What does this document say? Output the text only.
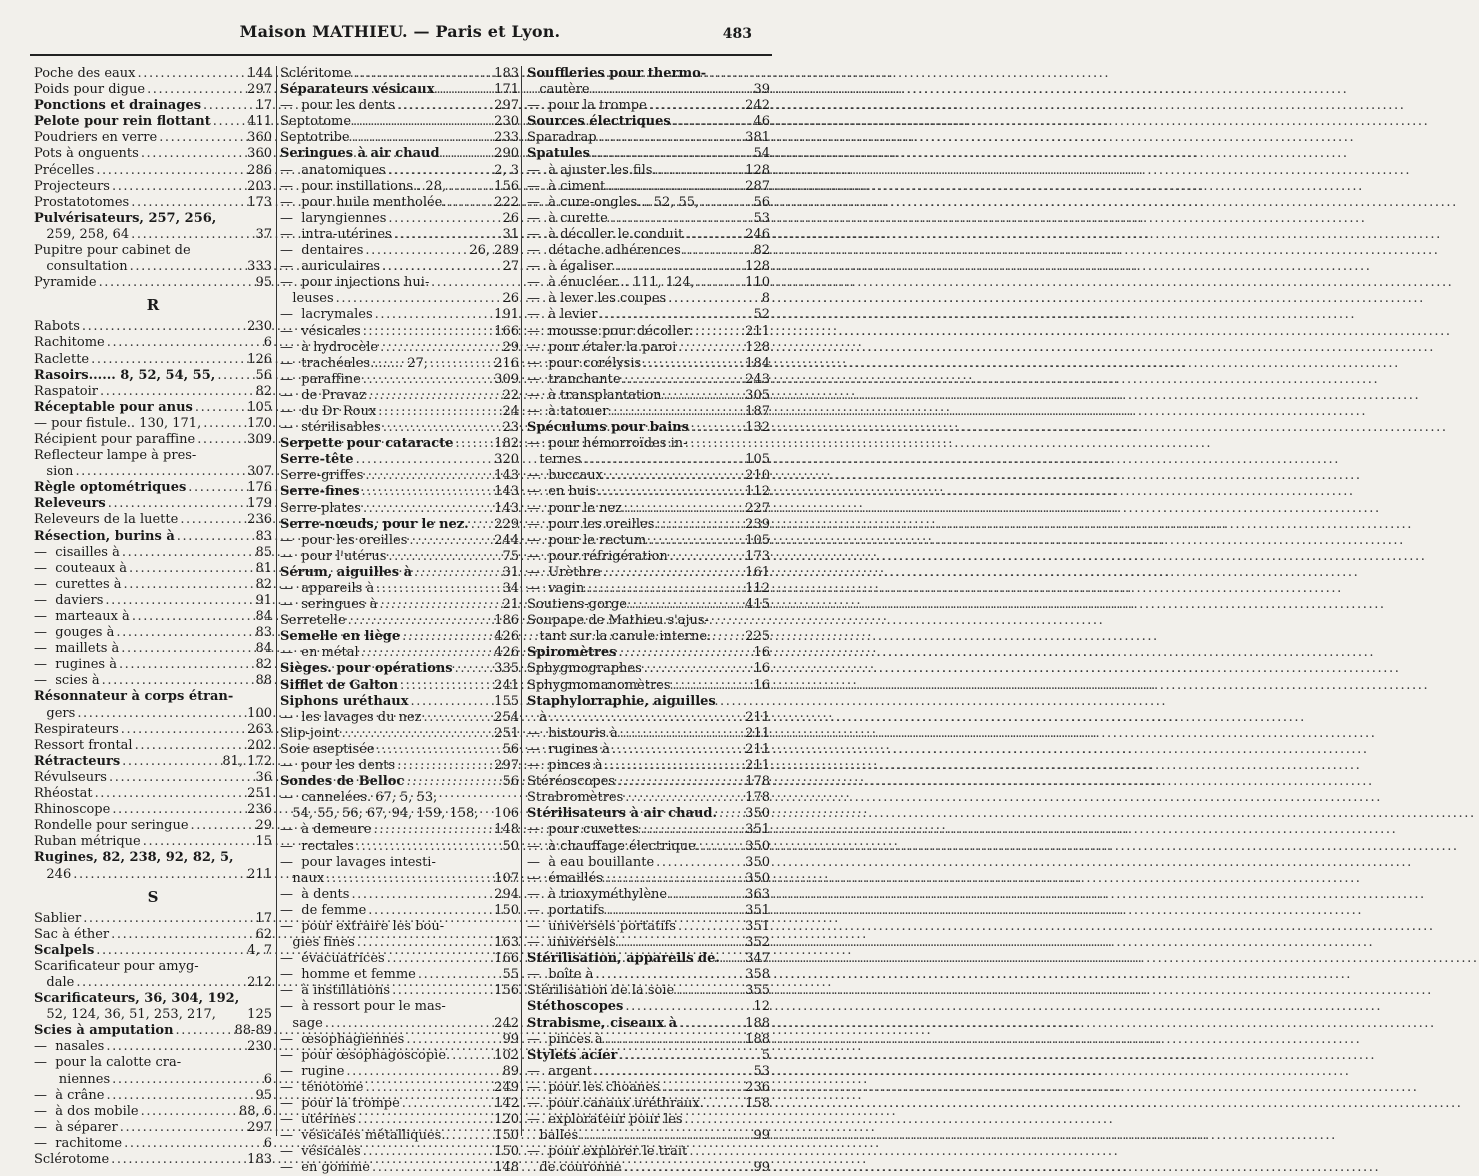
Maison MATHIEU. — Paris et Lyon.	483
Poche des eaux .....	144
Poids pour digue .....	297
Ponctions et drainages .....	17
Pelote pour rein flottant .....	411
Poudriers en verre .....	360
Pots à onguents .....	360
Précelles .....	286
Projecteurs .....	203
Prostatotomes .....	173
Pulvérisateurs, 257, 256,
259, 258, 64 .....	37
Pupitre pour cabinet de
consultation .....	333
Pyramide .....	95
R
Rabots .....	230
Rachitome .....	6
Raclette .....	126
Rasoirs...... 8, 52, 54, 55, .....	56
Raspatoir .....	82
Réceptable pour anus .....	105
— pour fistule.. 130, 171, .....	170
Récipient pour paraffine .....	309
Reflecteur lampe à pres-
sion .....	307
Règle optométriques .....	176
Releveurs .....	179
Releveurs de la luette .....	236
Résection, burins à .....	83
—  cisailles à .....	85
—  couteaux à .....	81
—  curettes à .....	82
—  daviers .....	91
—  marteaux à .....	84
—  gouges à .....	83
—  maillets à .....	84
—  rugines à .....	82
—  scies à .....	88
Résonnateur à corps étran-
gers .....	100
Respirateurs .....	263
Ressort frontal .....	202
Rétracteurs .....	81, 172
Révulseurs .....	36
Rhéostat .....	251
Rhinoscope .....	236
Rondelle pour seringue .....	29
Ruban métrique .....	15
Rugines, 82, 238, 92, 82, 5,
246 .....	211
S
Sablier .....	17
Sac à éther .....	62
Scalpels .....	4, 7
Scarificateur pour amyg-
dale .....	212
Scarificateurs, 36, 304, 192,
52, 124, 36, 51, 253, 217, 125
Scies à amputation .....	88-89
—  nasales .....	230
—  pour la calotte cra-
niennes .....	6
—  à crâne .....	95
—  à dos mobile .....	88, 6
—  à séparer .....	297
—  rachitome .....	6
Sclérotome .....	183
Scléritome .....	183
Séparateurs vésicaux .....	171
—  pour les dents .....	297
Septotome .....	230
Septotribe .....	233
Seringues à air chaud .....	290
—  anatomiques .....	2, 3
—  pour instillations.. 28, .....	156
—  pour huile mentholée. .....	222
—  laryngiennes .....	26
—  intra-utérines .....	31
—  dentaires .....	26, 289
—  auriculaires .....	27
—  pour injections hui-
leuses .....	26
—  lacrymales .....	191
—  vésicales .....	166
—  à hydrocèle .....	29
—  trachéales........ 27, .....	216
—  paraffine .....	309
—  de Pravaz .....	22
—  du Dr Roux .....	24
—  stérilisables .....	23
Serpette pour cataracte .....	182
Serre-tête .....	320
Serre-griffes .....	143
Serre-fines .....	143
Serre-plates .....	143
Serre-nœuds, pour le nez. ..... 229
—  pour les oreilles .....	244
—  pour l'utérus .....	75
Sérum, aiguilles à .....	31
—  appareils à .....	34
—  seringues à .....	21
Serretelle .....	186
Semelle en liège .....	426
—  en métal .....	426
Sièges. pour opérations .....	335
Sifflet de Galton .....	241
Siphons uréthaux .....	155
—  les lavages du nez .....	254
Slip-joint .....	251
Soie aseptisée .....	56
—  pour les dents .....	297
Sondes de Belloc .....	56
—  cannelées. 67, 5, 53,
54, 55, 56, 67, 94, 159, 158, 106
—  à demeure .....	148
—  rectales .....	50
—  pour lavages intesti-
naux .....	107
—  à dents .....	294
—  de femme .....	150
—  pour extraire les bou-
gies fines .....	163
—  évacuatrices .....	166
—  homme et femme .....	55
—  à instillations .....	156
—  à ressort pour le mas-
sage .....	242
—  œsophagiennes .....	99
—  pour œsophagoscopie. .....	102
—  rugine .....	89
—  ténotome .....	249
—  pour la trompe .....	142
—  utérines .....	120
—  vésicales métalliques.. .....	150
—  vésicales .....	150
—  en gomme .....	148
Souffleries pour thermo-
cautère .....	39
—  pour la trompe .....	242
Sources électriques .....	46
Sparadrap .....	381
Spatules .....	54
—  à ajuster les fils .....	128
—  à ciment .....	287
—  à cure-ongles... 52, 55, .....	56
—  à curette .....	53
—  à décoller le conduit .....	246
—  détache adhérences .....	82
—  à égaliser .....	128
—  à énucléer... 111, 124, .....	110
—  à lever les coupes .....	8
—  à levier .....	52
—  mousse pour décoller. .....	211
—  pour étaler la paroi .....	128
—  pour corélysis .....	184
—  tranchante .....	243
—  à transplantation .....	305
—  à tatouer .....	187
Spéculums pour bains .....	132
—  pour hémorroïdes in-
ternes .....	105
—  buccaux .....	210
—  en buis .....	112
—  pour le nez .....	227
—  pour les oreilles .....	239
—  pour le rectum .....	105
—  pour réfrigération .....	173
—  Urèthre .....	161
—  vagin .....	112
Soutiens-gorge .....	415
Soupape de Mathieu s'ajus-
tant sur la canule interne.	225
Spiromètres .....	16
Sphygmographes .....	16
Sphygmomanomètres .....	16
Staphylorraphie, aiguilles
à .....	211
—  bistouris à .....	211
—  rugines à .....	211
—  pinces à .....	211
Stéréoscopes .....	178
Strabromètres .....	178
Stérilisateurs à air chaud. ..... 350
—  pour cuvettes .....	351
—  à chauffage électrique. .....	350
—  à eau bouillante .....	350
—  émaillés .....	350
—  à trioxyméthylène .....	363
—  portatifs .....	351
—  universels portatifs .....	351
—  universels .....	352
Stérilisation, appareils de. ..... 347
—  boîte à .....	358
Stérilisation de la soie .....	355
Stéthoscopes .....	12
Strabisme, ciseaux à .....	188
—  pinces à .....	188
Stylets acier .....	5
—  argent .....	53
—  pour les choanes .....	236
—  pour canaux uréthraux. .....	158
—  explorateur pour les
balles .....	99
—  pour explorer le trait
de couronne .....	99
